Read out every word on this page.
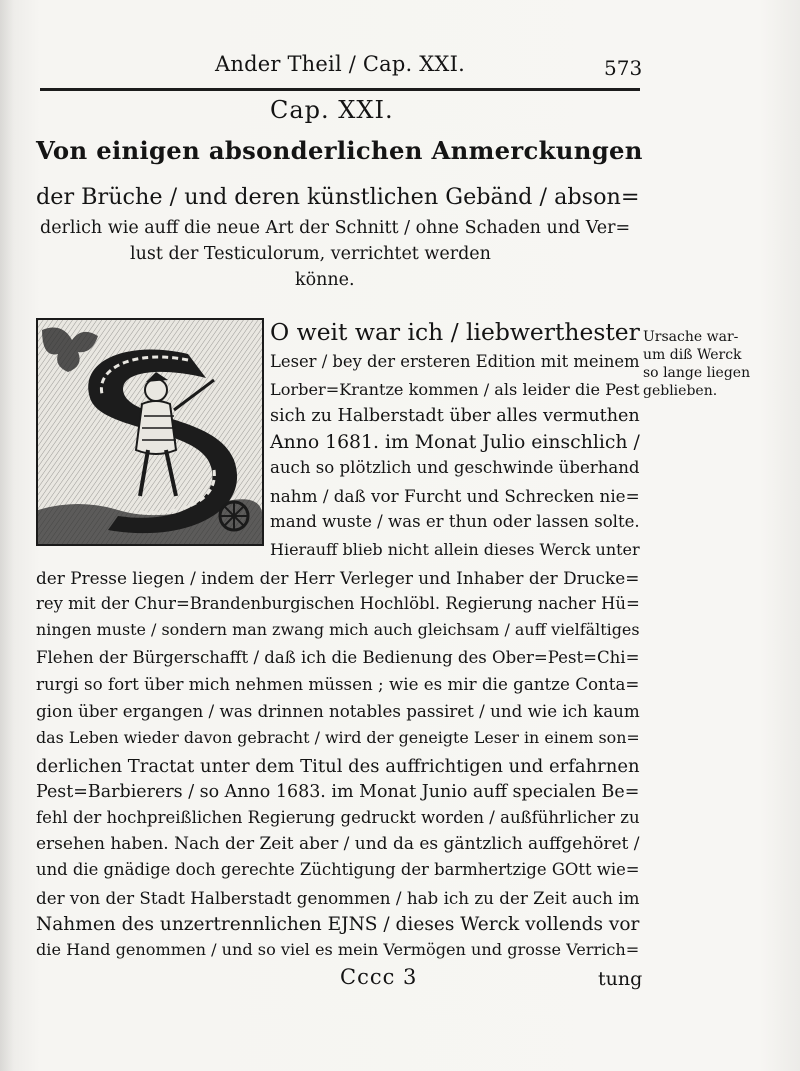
Ander Theil / Cap. XXI.	573
Cap. XXI.
Von einigen absonderlichen Anmerckungen
der Brüche / und deren künstlichen Gebänd / abson=
derlich wie auff die neue Art der Schnitt / ohne Schaden und Ver=
lust der Testiculorum, verrichtet werden
könne.
O weit war ich / liebwerthester
Leser / bey der ersteren Edition mit meinem
Lorber=Krantze kommen / als leider die Pest
sich zu Halberstadt über alles vermuthen
Anno 1681. im Monat Julio einschlich /
auch so plötzlich und geschwinde überhand
nahm / daß vor Furcht und Schrecken nie=
mand wuste / was er thun oder lassen solte.
Hierauff blieb nicht allein dieses Werck unter
der Presse liegen / indem der Herr Verleger und Inhaber der Drucke=
rey mit der Chur=Brandenburgischen Hochlöbl. Regierung nacher Hü=
ningen muste / sondern man zwang mich auch gleichsam / auff vielfältiges
Flehen der Bürgerschafft / daß ich die Bedienung des Ober=Pest=Chi=
rurgi so fort über mich nehmen müssen ; wie es mir die gantze Conta=
gion über ergangen / was drinnen notables passiret / und wie ich kaum
das Leben wieder davon gebracht / wird der geneigte Leser in einem son=
derlichen Tractat unter dem Titul des auffrichtigen und erfahrnen
Pest=Barbierers / so Anno 1683. im Monat Junio auff specialen Be=
fehl der hochpreißlichen Regierung gedruckt worden / außführlicher zu
ersehen haben. Nach der Zeit aber / und da es gäntzlich auffgehöret /
und die gnädige doch gerechte Züchtigung der barmhertzige GOtt wie=
der von der Stadt Halberstadt genommen / hab ich zu der Zeit auch im
Nahmen des unzertrennlichen EJNS / dieses Werck vollends vor
die Hand genommen / und so viel es mein Vermögen und grosse Verrich=
Ursache war-
um diß Werck
so lange liegen
geblieben.
Cccc 3	tung
